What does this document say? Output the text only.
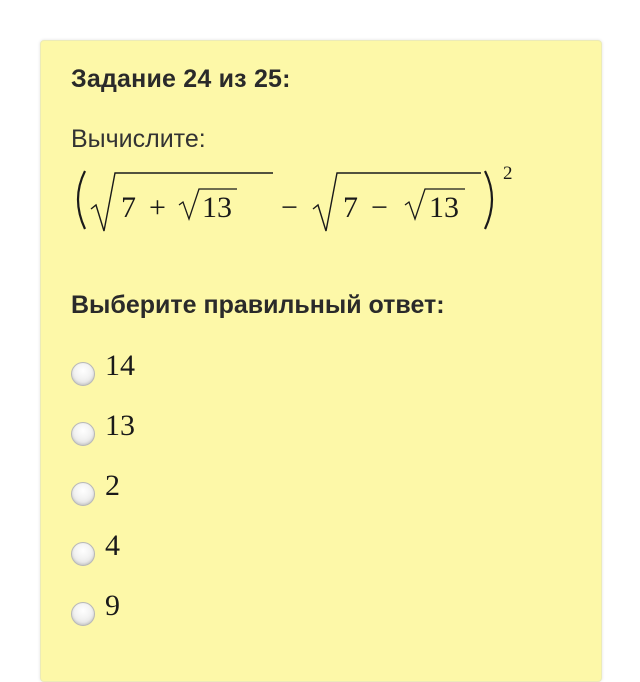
Задание 24 из 25:
Вычислите:
7 + 13 − 7 − 13
2
Выберите правильный ответ:
14
13
2
4
9
